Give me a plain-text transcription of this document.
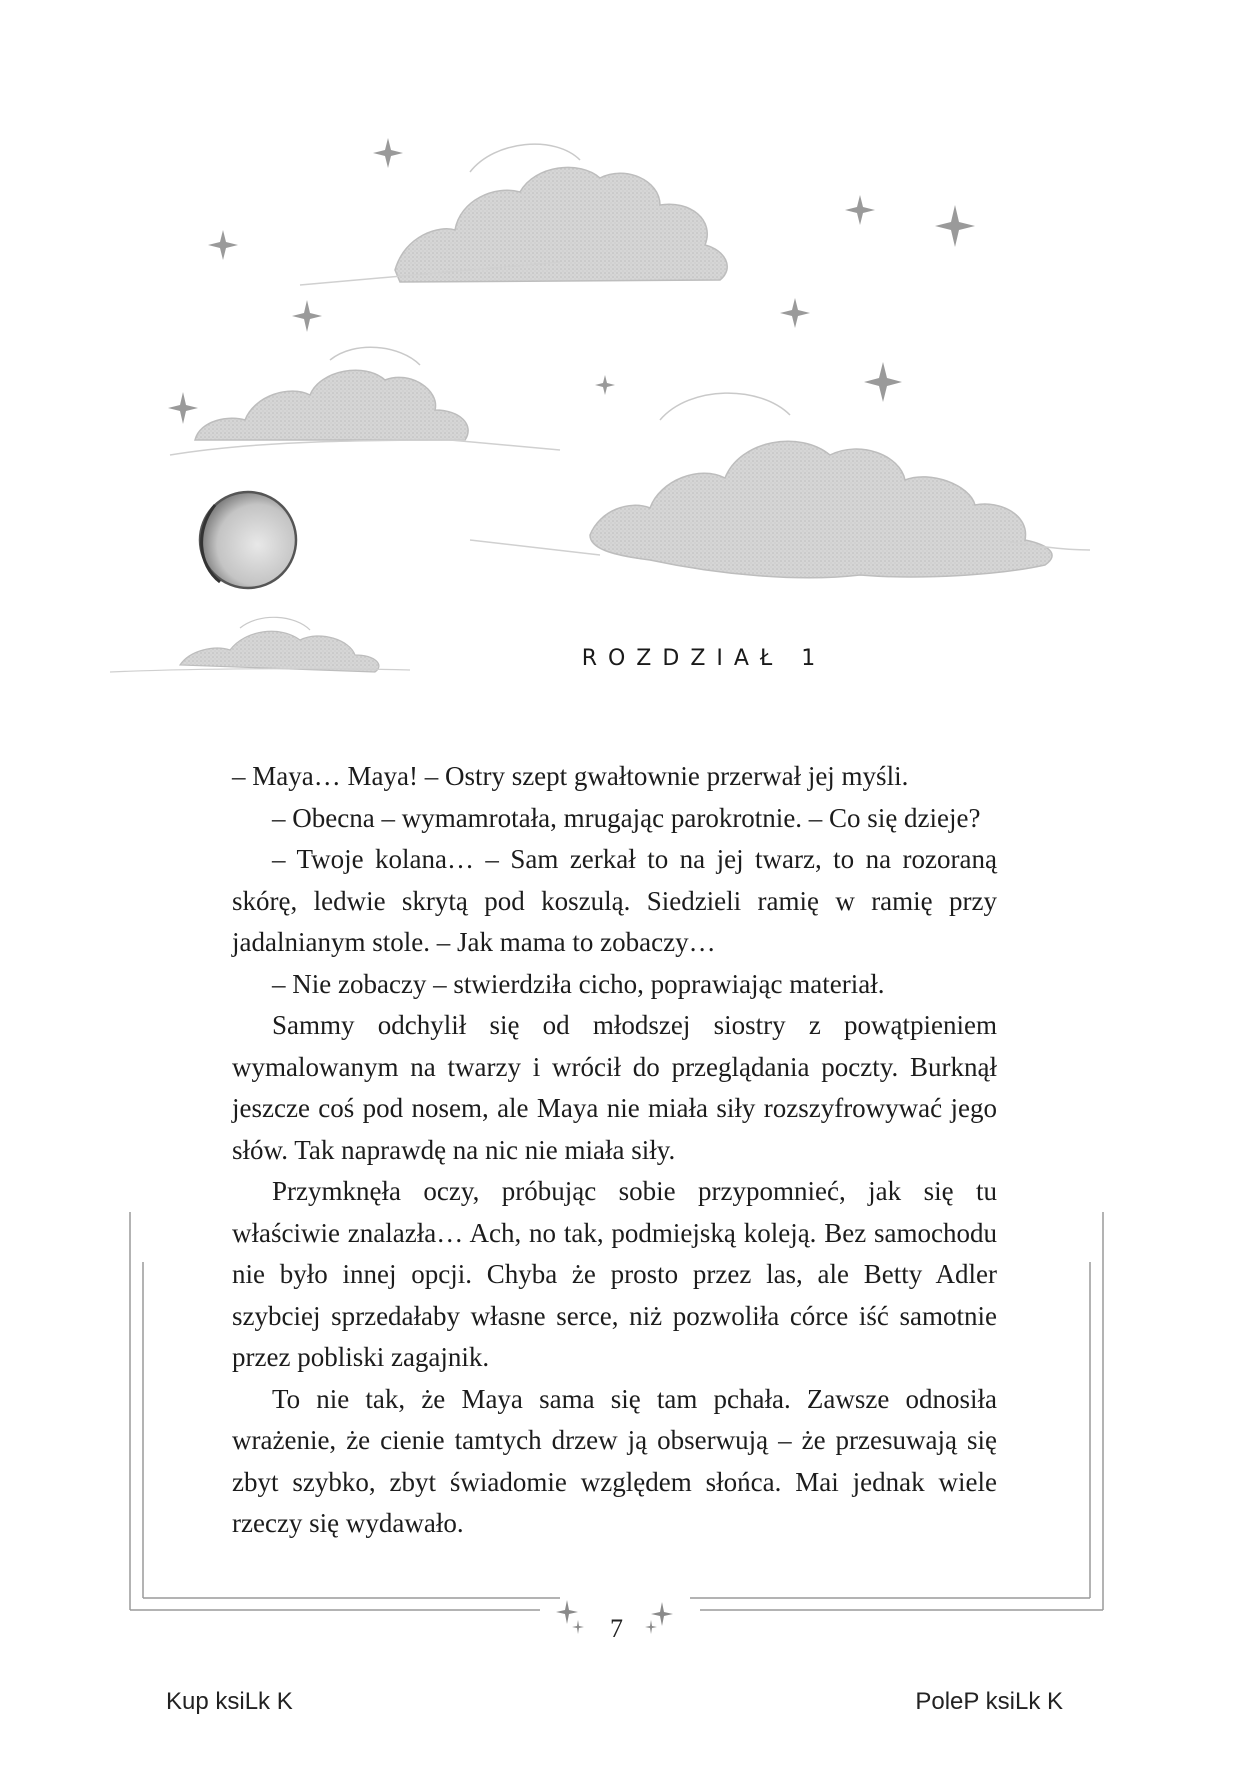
ROZDZIAŁ 1

– Maya… Maya! – Ostry szept gwałtownie przerwał jej myśli.

– Obecna – wymamrotała, mrugając parokrotnie. – Co się dzieje?

– Twoje kolana… – Sam zerkał to na jej twarz, to na rozoraną skórę, ledwie skrytą pod koszulą. Siedzieli ramię w ramię przy jadalnianym stole. – Jak mama to zobaczy…

– Nie zobaczy – stwierdziła cicho, poprawiając materiał.

Sammy odchylił się od młodszej siostry z powątpieniem wymalowanym na twarzy i wrócił do przeglądania poczty. Burknął jeszcze coś pod nosem, ale Maya nie miała siły rozszyfrowywać jego słów. Tak naprawdę na nic nie miała siły.

Przymknęła oczy, próbując sobie przypomnieć, jak się tu właściwie znalazła… Ach, no tak, podmiejską koleją. Bez samochodu nie było innej opcji. Chyba że prosto przez las, ale Betty Adler szybciej sprzedałaby własne serce, niż pozwoliła córce iść samotnie przez pobliski zagajnik.

To nie tak, że Maya sama się tam pchała. Zawsze odnosiła wrażenie, że cienie tamtych drzew ją obserwują – że przesuwają się zbyt szybko, zbyt świadomie względem słońca. Mai jednak wiele rzeczy się wydawało.

7
Kup ksiLk K	PoleP ksiLk K
